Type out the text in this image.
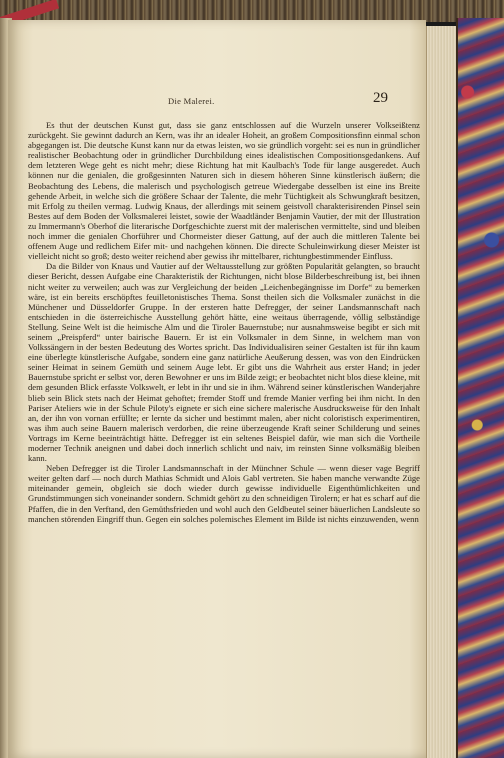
Die Malerei.	29

Es thut der deutschen Kunst gut, dass sie ganz entschlossen auf die Wurzeln unserer Volkseißtenz zurückgeht. Sie gewinnt dadurch an Kern, was ihr an idealer Hoheit, an großem Compositionsfinn einmal schon abgegangen ist. Die deutsche Kunst kann nur da etwas leisten, wo sie gründlich vorgeht: sei es nun in gründlicher realistischer Beobachtung oder in gründlicher Durchbildung eines idealistischen Compositionsgedankens. Auf dem letzteren Wege geht es nicht mehr; diese Richtung hat mit Kaulbach's Tode für lange ausgeredet. Auch können nur die genialen, die großgesinnten Naturen sich in diesem höheren Sinne künstlerisch äußern; die Beobachtung des Lebens, die malerisch und psychologisch getreue Wiedergabe desselben ist eine ins Breite gehende Arbeit, in welche sich die größere Schaar der Talente, die mehr Tüchtigkeit als Schwungkraft besitzen, mit Erfolg zu theilen vermag. Ludwig Knaus, der allerdings mit seinem geistvoll charakterisirenden Pinsel sein Bestes auf dem Boden der Volksmalerei leistet, sowie der Waadtländer Benjamin Vautier, der mit der Illustration zu Immermann's Oberhof die literarische Dorfgeschichte zuerst mit der malerischen vermittelte, sind und bleiben noch immer die genialen Chorführer und Chormeister dieser Gattung, auf der auch die mittleren Talente bei offenem Auge und redlichem Eifer mit- und nachgehen können. Die directe Schuleinwirkung dieser Meister ist vielleicht nicht so groß; desto weiter reichend aber gewiss ihr mittelbarer, richtungbestimmender Einfluss.

Da die Bilder von Knaus und Vautier auf der Weltausstellung zur größten Popularität gelangten, so braucht dieser Bericht, dessen Aufgabe eine Charakteristik der Richtungen, nicht blose Bilderbeschreibung ist, bei ihnen nicht weiter zu verweilen; auch was zur Vergleichung der beiden „Leichenbegängnisse im Dorfe“ zu bemerken wäre, ist ein bereits erschöpftes feuilletonistisches Thema. Sonst theilen sich die Volksmaler zunächst in die Münchener und Düsseldorfer Gruppe. In der ersteren hatte Defregger, der seiner Landsmannschaft nach entschieden in die österreichische Ausstellung gehört hätte, eine weitaus überragende, völlig selbständige Stellung. Seine Welt ist die heimische Alm und die Tiroler Bauernstube; nur ausnahmsweise begibt er sich mit seinem „Preispferd“ unter bairische Bauern. Er ist ein Volksmaler in dem Sinne, in welchem man von Volkssängern in der besten Bedeutung des Wortes spricht. Das Individualisiren seiner Gestalten ist für ihn kaum eine überlegte künstlerische Aufgabe, sondern eine ganz natürliche Aeußerung dessen, was von den Eindrücken seiner Heimat in seinem Gemüth und seinem Auge lebt. Er gibt uns die Wahrheit aus erster Hand; in jeder Bauernstube spricht er selbst vor, deren Bewohner er uns im Bilde zeigt; er beobachtet nicht blos diese kleine, mit dem gesunden Blick erfasste Volkswelt, er lebt in ihr und sie in ihm. Während seiner künstlerischen Wanderjahre blieb sein Blick stets nach der Heimat gehoftet; fremder Stoff und fremde Manier verfing bei ihm nicht. In den Pariser Ateliers wie in der Schule Piloty's eignete er sich eine sichere malerische Ausdrucksweise für den Inhalt an, der ihn von vornan erfüllte; er lernte da sicher und bestimmt malen, aber nicht coloristisch experimentiren, was ihm auch seine Bauern malerisch verdorben, die reine überzeugende Kraft seiner Schilderung und seines Vortrags im Kerne beeinträchtigt hätte. Defregger ist ein seltenes Beispiel dafür, wie man sich die Vortheile moderner Technik aneignen und dabei doch innerlich schlicht und naiv, im reinsten Sinne volksmäßig bleiben kann.

Neben Defregger ist die Tiroler Landsmannschaft in der Münchner Schule — wenn dieser vage Begriff weiter gelten darf — noch durch Mathias Schmidt und Alois Gabl vertreten. Sie haben manche verwandte Züge miteinander gemein, obgleich sie doch wieder durch gewisse individuelle Eigenthümlichkeiten und Grundstimmungen sich voneinander sondern. Schmidt gehört zu den schneidigen Tirolern; er hat es scharf auf die Pfaffen, die in den Verftand, den Gemüthsfrieden und wohl auch den Geldbeutel seiner bäuerlichen Landsleute so manchen störenden Eingriff thun. Gegen ein solches polemisches Element im Bilde ist nichts einzuwenden, wenn
